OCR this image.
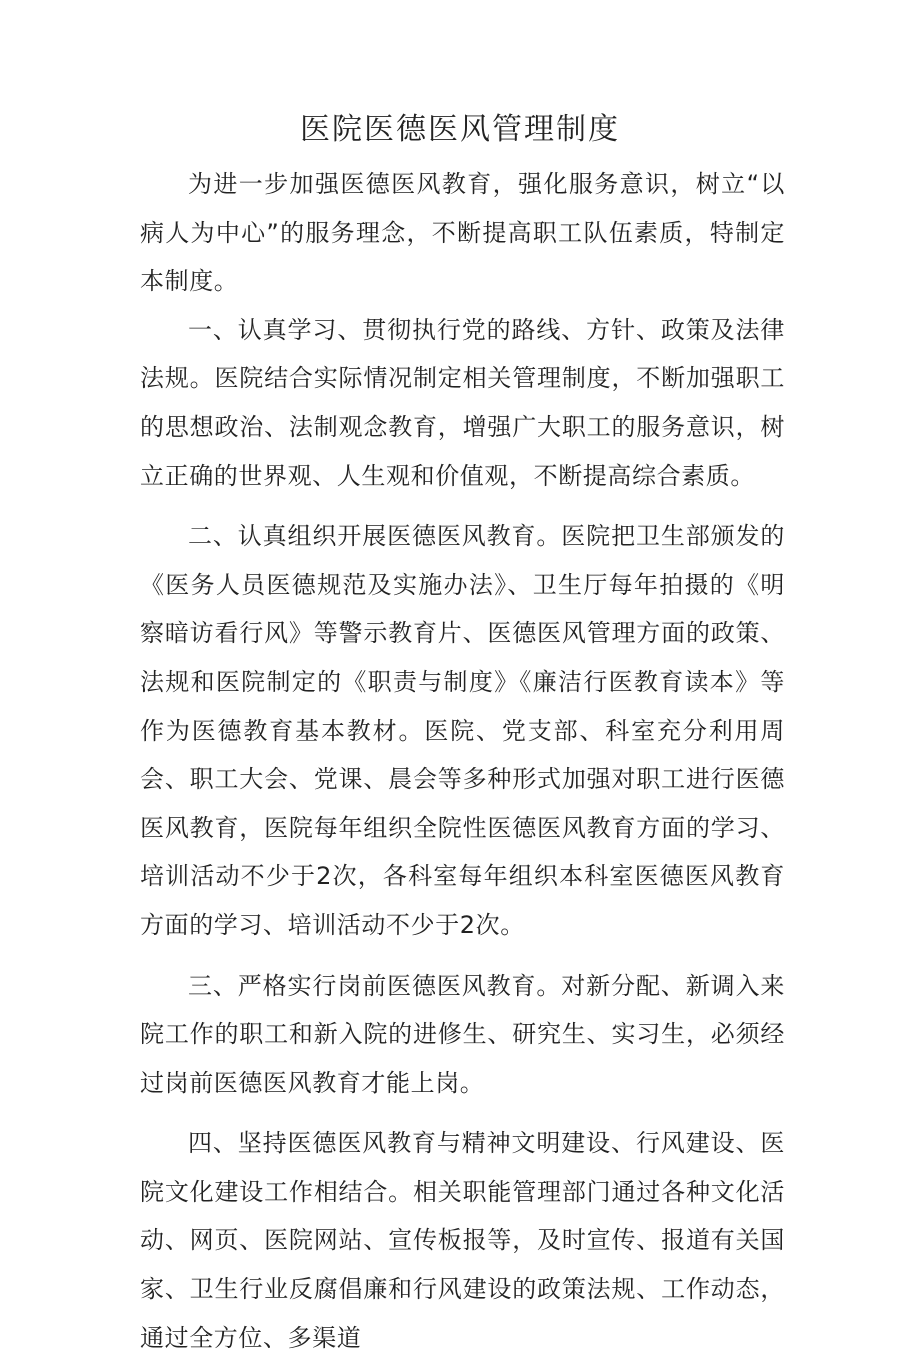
医院医德医风管理制度

为进一步加强医德医风教育，强化服务意识，树立“以病人为中心”的服务理念，不断提高职工队伍素质，特制定本制度。

一、认真学习、贯彻执行党的路线、方针、政策及法律法规。医院结合实际情况制定相关管理制度，不断加强职工的思想政治、法制观念教育，增强广大职工的服务意识，树立正确的世界观、人生观和价值观，不断提高综合素质。

二、认真组织开展医德医风教育。医院把卫生部颁发的《医务人员医德规范及实施办法》、卫生厅每年拍摄的《明察暗访看行风》等警示教育片、医德医风管理方面的政策、法规和医院制定的《职责与制度》《廉洁行医教育读本》等作为医德教育基本教材。医院、党支部、科室充分利用周会、职工大会、党课、晨会等多种形式加强对职工进行医德医风教育，医院每年组织全院性医德医风教育方面的学习、培训活动不少于2次，各科室每年组织本科室医德医风教育方面的学习、培训活动不少于2次。

三、严格实行岗前医德医风教育。对新分配、新调入来院工作的职工和新入院的进修生、研究生、实习生，必须经过岗前医德医风教育才能上岗。

四、坚持医德医风教育与精神文明建设、行风建设、医院文化建设工作相结合。相关职能管理部门通过各种文化活动、网页、医院网站、宣传板报等，及时宣传、报道有关国家、卫生行业反腐倡廉和行风建设的政策法规、工作动态，通过全方位、多渠道
